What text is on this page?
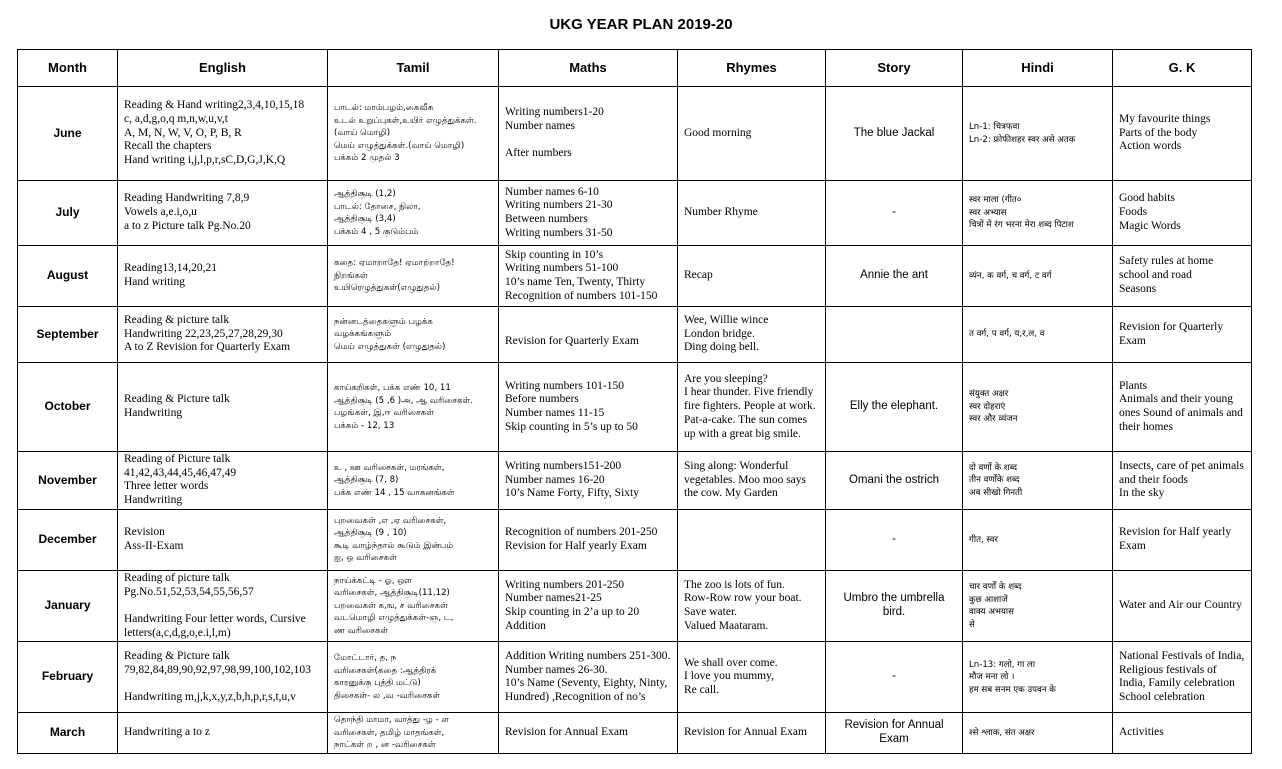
UKG YEAR PLAN 2019-20
Month	English	Tamil	Maths	Rhymes	Story	Hindi	G. K
June	Reading & Hand writing2,3,4,10,15,18
c, a,d,g,o,q m,n,w,u,v,t
A, M, N, W, V, O, P, B, R
Recall the chapters
Hand writing i,j,l,p,r,sC,D,G,J,K,Q	பாடல்: மாம்பழம்,கைவீசு
உடல் உறுப்புகள்,உயிர் எழுத்துக்கள்.(வாய் மொழி)
மெய் எழுத்துக்கள்.(வாய் மொழி)
பக்கம் 2 முதல் 3	Writing numbers1-20
Number names

After numbers	Good morning	The blue Jackal	Ln-1: चित्रफवा
Ln-2: फ्रोफीशहर स्वर असे अतक	My favourite things
Parts of the body
Action words
July	Reading Handwriting 7,8,9
Vowels a,e.i,o,u
a to z Picture talk Pg.No.20	ஆத்திசூடி (1,2)
பாடல்: தோசை, நிலா,
ஆத்திசூடி (3,4)
பக்கம் 4 , 5 குடும்பம்	Number names 6-10
Writing numbers 21-30
Between numbers
Writing numbers 31-50	Number Rhyme	-	स्वर माला (गीत०
स्वर अभ्यास
चित्रों में रंग भरना मेरा शब्द पिटाश	Good habits
Foods
Magic Words
August	Reading13,14,20,21
Hand writing	கதை: ஏமாறாதே! ஏமாற்றாதே!
நிறங்கள்
உயிரெழுத்துகள்(எழுதுதல்)	Skip counting in 10’s
Writing numbers 51-100
10’s name Ten, Twenty, Thirty
Recognition of numbers 101-150	Recap	Annie the ant	व्यंन, क वर्ग, च वर्ग, ट वर्ग	Safety rules at home school and road
Seasons
September	Reading & picture talk
Handwriting 22,23,25,27,28,29,30
A to Z Revision for Quarterly Exam	நன்னடத்தைகளும் பழக்க வழக்கங்களும்
மெய் எழுத்துகள் (எழுதுதல்)	
Revision for Quarterly Exam	Wee, Willie wince
London bridge.
Ding doing bell.		त वर्ग, प वर्ग, य,र,ल, व	Revision for Quarterly Exam
October	Reading & Picture talk
Handwriting	காய்கறிகள், பக்க எண் 10, 11
ஆத்திசூடி (5 ,6 )அ, ஆ வரிசைகள்.
பழங்கள், இ,ஈ வரிசைகள்
பக்கம் - 12, 13	Writing numbers 101-150
Before numbers
Number names 11-15
Skip counting in 5’s up to 50	Are you sleeping?
I hear thunder. Five friendly fire fighters. People at work. Pat-a-cake. The sun comes up with a great big smile.	Elly the elephant.	संयुक्त अक्षर
स्वर दोहराएं
स्वर और व्यंजन	Plants
Animals and their young ones Sound of animals and their homes
November	Reading of Picture talk
41,42,43,44,45,46,47,49
Three letter words
Handwriting	உ , ஊ வரிசைகள், மரங்கள்,
ஆத்திசூடி (7, 8)
பக்க எண் 14 , 15 வாகனங்கள்	Writing numbers151-200
Number names 16-20
10’s Name Forty, Fifty, Sixty	Sing along: Wonderful vegetables. Moo moo says the cow. My Garden	Omani the ostrich	दो वर्णो के शब्द
तीन वर्णोंके शब्द
अब सीखो गिनती	Insects, care of pet animals and their foods
In the sky
December	Revision
Ass-II-Exam	புறவைகள் ,எ ,ஏ வரிசைகள்,
ஆத்திசூடி (9 , 10)
கூடி வாழ்ந்தால் கூடும் இன்பம்
ஐ, ஒ வரிசைகள்	Recognition of numbers 201-250
Revision for Half yearly Exam		-	गीत, स्वर	Revision for Half yearly Exam
January	Reading of picture talk
Pg.No.51,52,53,54,55,56,57

Handwriting Four letter words, Cursive letters(a,c,d,g,o,e.i,l,m)	நாய்க்கட்டி - ஓ, ஔ
வரிசைகள், ஆத்திசூடி(11,12)
பறவைகள் க,ங, ச வரிசைகள்
வடமொழி எழுத்துக்கள்-ஞ, ட,
ண வரிசைகள்	Writing numbers 201-250
Number names21-25
Skip counting in 2’a up to 20
Addition	The zoo is lots of fun.
Row-Row row your boat.
Save water.
Valued Maataram.	Umbro the umbrella bird.	चार वर्णों के शब्द
कुछ आशाजें
वाक्य अभयास
से	Water and Air our Country
February	Reading & Picture talk
79,82,84,89,90,92,97,98,99,100,102,103

Handwriting m,j,k,x,y,z,b,h,p,r,s,t,u,v	மோட்டார், த, ந
வரிசைகள்(கதை :ஆத்திரக்
காரனுக்கு புத்தி மட்டு)
திசைகள்- ல ,வ -வரிசைகள்	Addition Writing numbers 251-300. Number names 26-30.
10’s Name (Seventy, Eighty, Ninty, Hundred) ,Recognition of no’s	We shall over come.
I love you mummy,
Re call.	-	Ln-13: गलो, गा ला
मौज मना लो ।
हम सब सनम एक उपवन के	National Festivals of India, Religious festivals of India, Family celebration School celebration
March	Handwriting a to z	தொந்தி மாமா, வாத்து -ழ - ள
வரிசைகள், தமிழ் மாதங்கள்,
நாட்கள் ற , ன -வரிசைகள்	Revision for Annual Exam	Revision for Annual Exam	Revision for Annual Exam	श्से श्लाक, संत अक्षर	Activities
